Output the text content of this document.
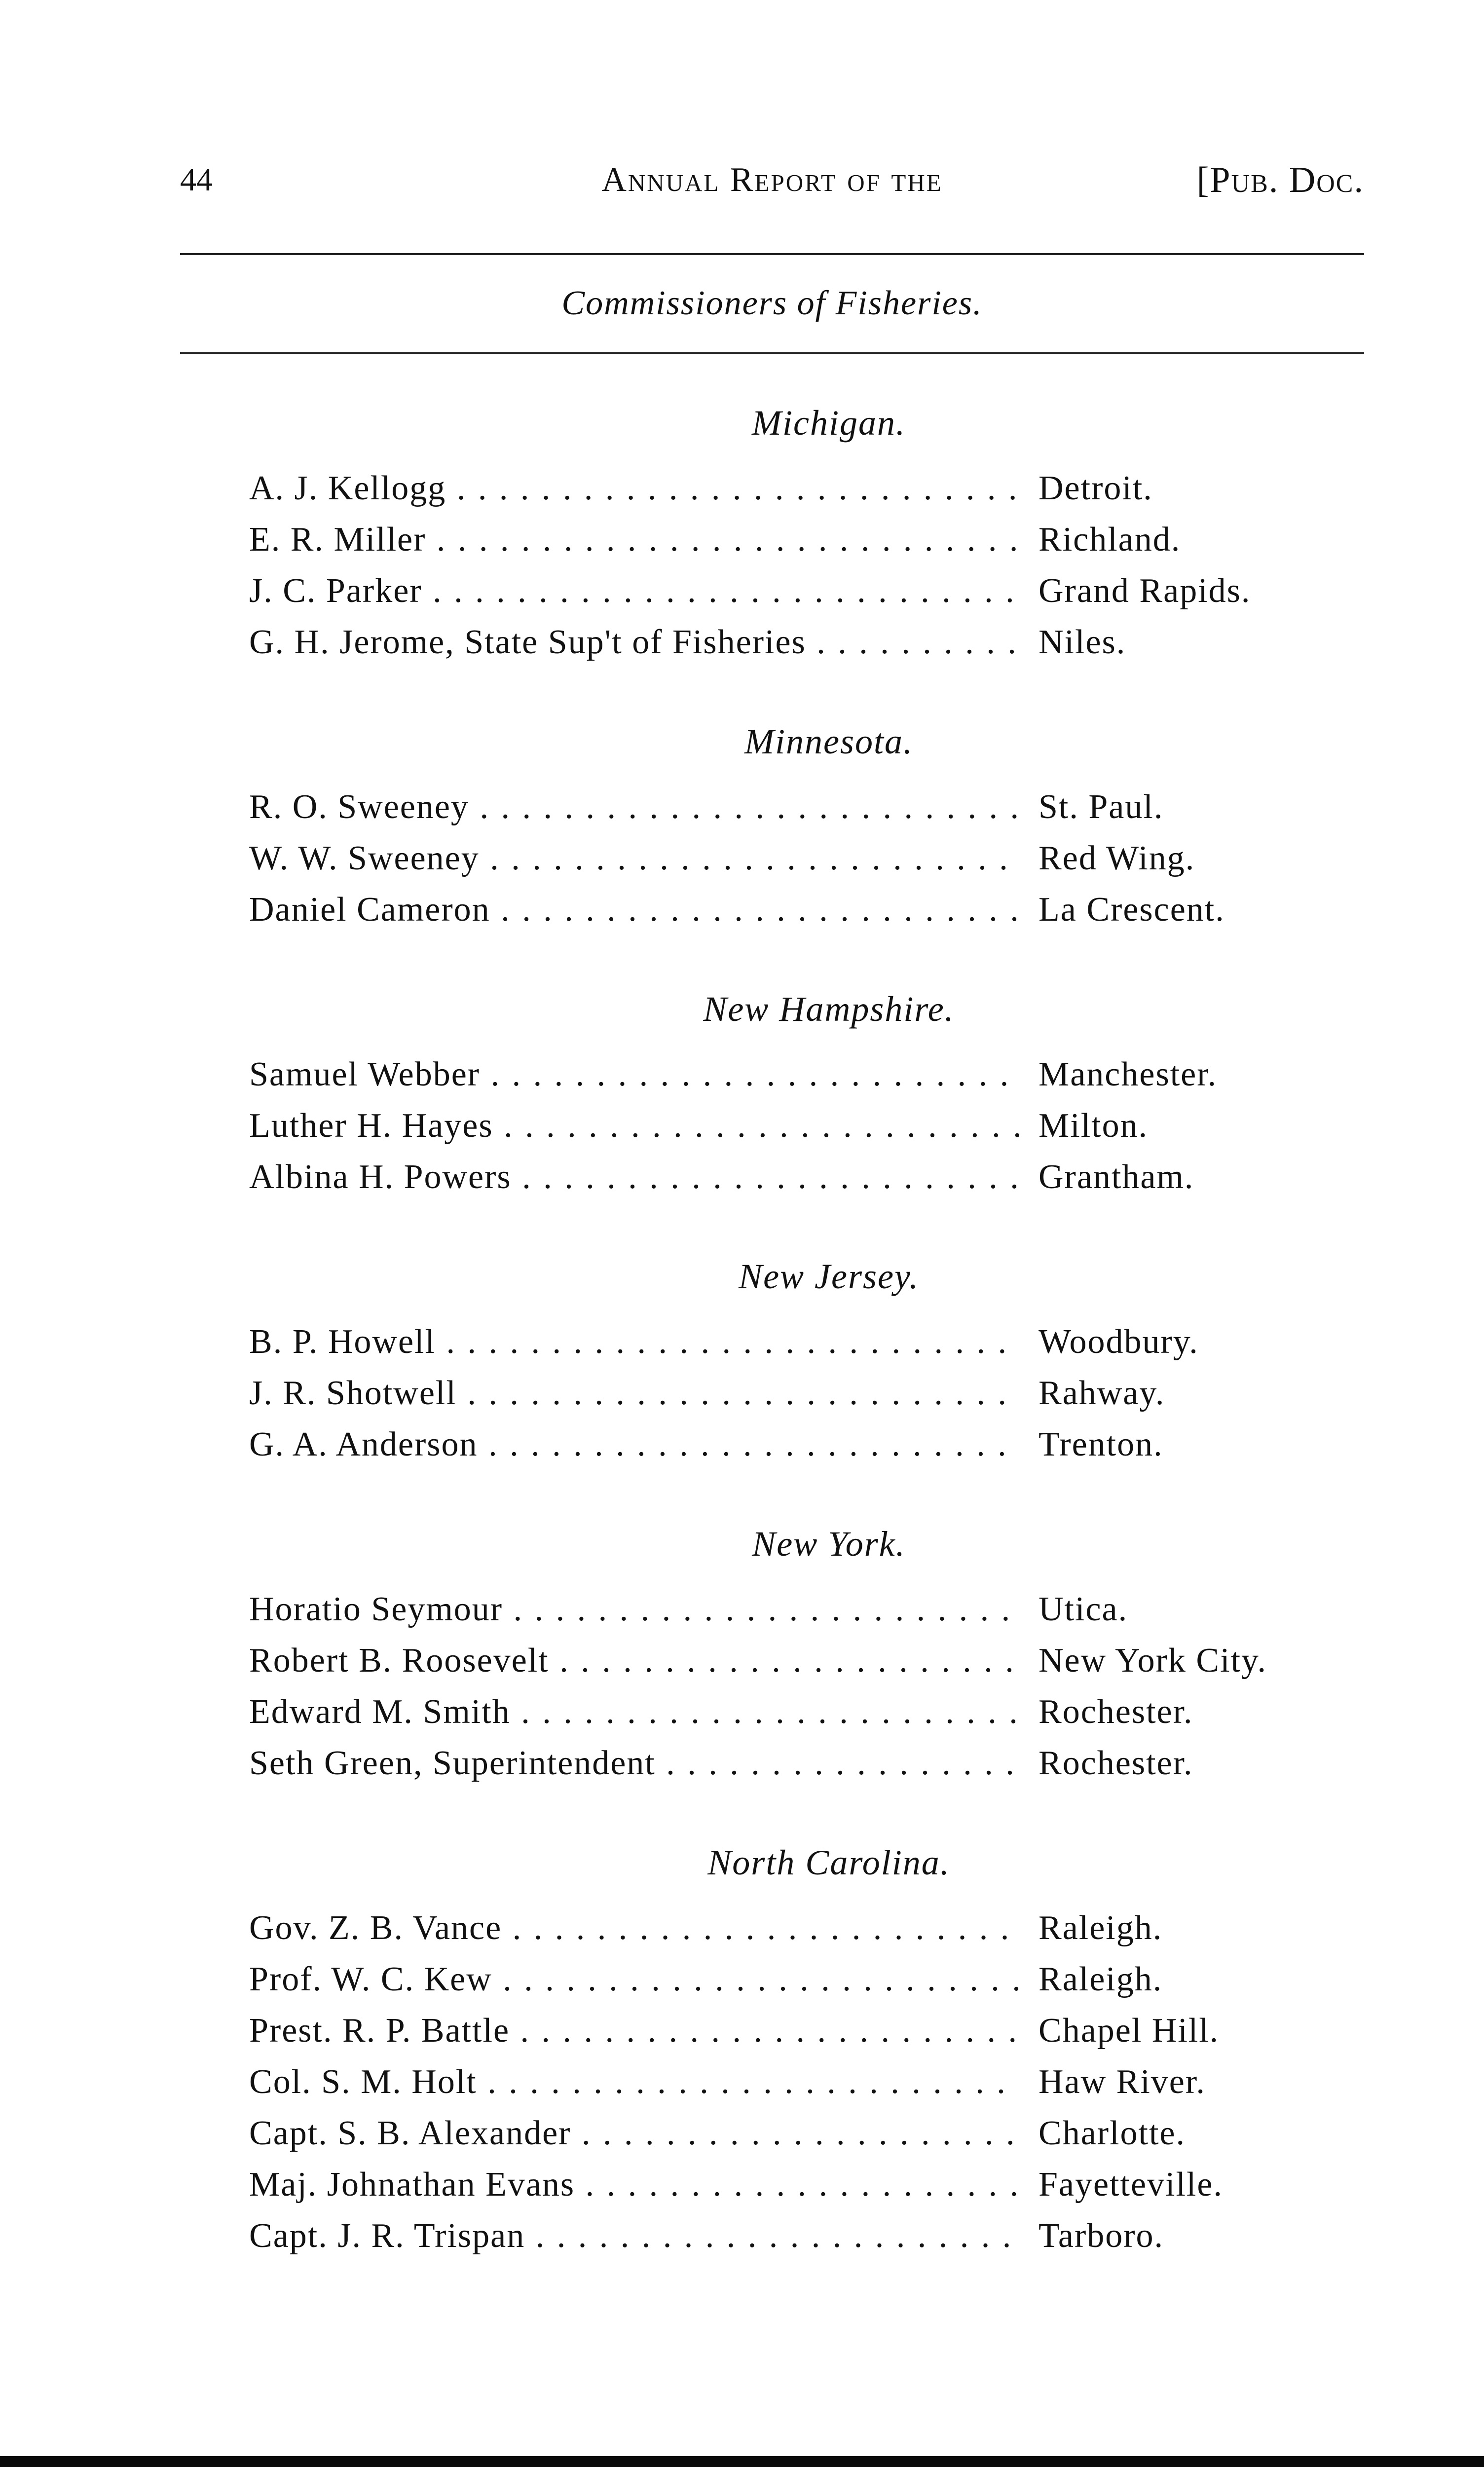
44	Annual Report of the	[Pub. Doc.
Commissioners of Fisheries.
Michigan.
A. J. Kellogg . . .	Detroit.
E. R. Miller . . .	Richland.
J. C. Parker . . .	Grand Rapids.
G. H. Jerome, State Sup't of Fisheries . . .	Niles.
Minnesota.
R. O. Sweeney . . .	St. Paul.
W. W. Sweeney . . .	Red Wing.
Daniel Cameron . . .	La Crescent.
New Hampshire.
Samuel Webber . . .	Manchester.
Luther H. Hayes . . .	Milton.
Albina H. Powers . . .	Grantham.
New Jersey.
B. P. Howell . . .	Woodbury.
J. R. Shotwell . . .	Rahway.
G. A. Anderson . . .	Trenton.
New York.
Horatio Seymour . . .	Utica.
Robert B. Roosevelt . . .	New York City.
Edward M. Smith . . .	Rochester.
Seth Green, Superintendent . . .	Rochester.
North Carolina.
Gov. Z. B. Vance . . .	Raleigh.
Prof. W. C. Kew . . .	Raleigh.
Prest. R. P. Battle . . .	Chapel Hill.
Col. S. M. Holt . . .	Haw River.
Capt. S. B. Alexander . . .	Charlotte.
Maj. Johnathan Evans . . .	Fayetteville.
Capt. J. R. Trispan . . .	Tarboro.
